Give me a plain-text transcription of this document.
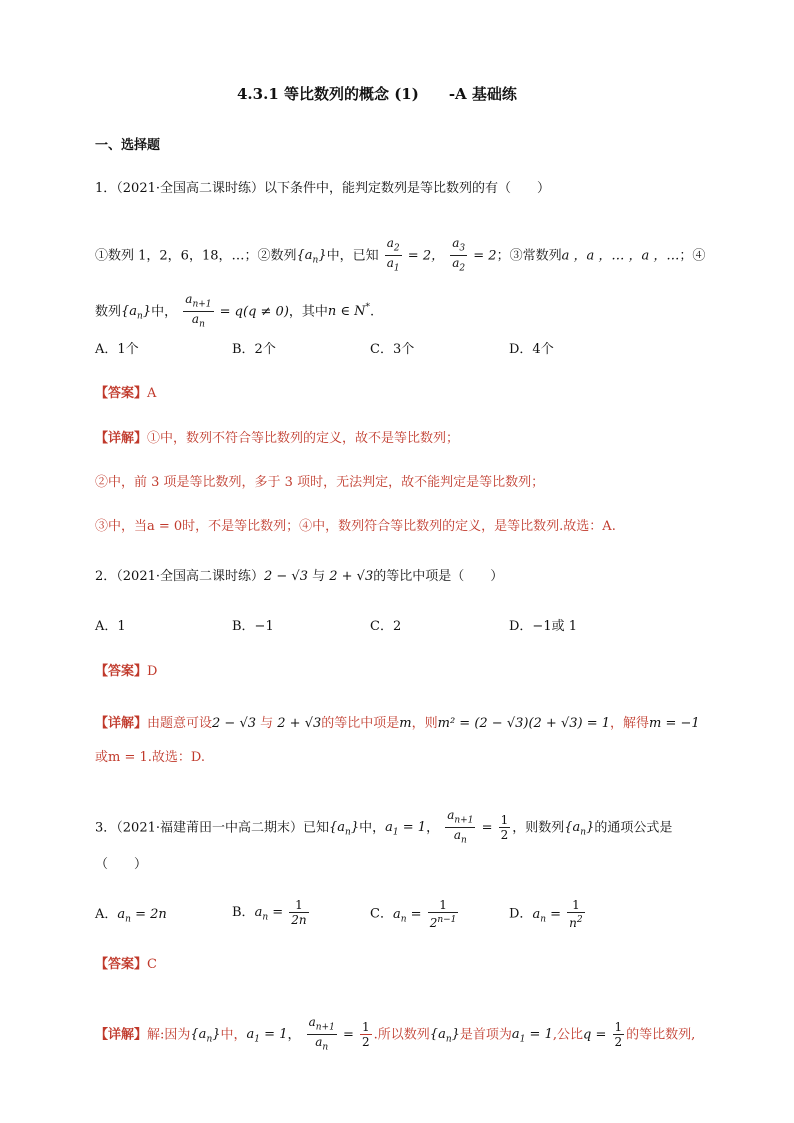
4.3.1 等比数列的概念 (1)　　-A 基础练
一、选择题
1．（2021·全国高二课时练）以下条件中，能判定数列是等比数列的有（　　）
①数列 1，2，6，18，…；②数列$\{a_n\}$中，已知 $\frac{a_2}{a_1} = 2$， $\frac{a_3}{a_2} = 2$；③常数列a ，a ，… ，a ，…；④
数列$\{a_n\}$中， $\frac{a_{n+1}}{a_n} = q(q \ne 0)$，其中n ∈ N*.
A．1个	B．2个	C．3个	D．4个
【答案】A
【详解】①中，数列不符合等比数列的定义，故不是等比数列；
②中，前 3 项是等比数列，多于 3 项时，无法判定，故不能判定是等比数列；
③中，当a = 0时，不是等比数列；④中，数列符合等比数列的定义，是等比数列.故选：A.
2．（2021·全国高二课时练）2 − √3 与 2 + √3的等比中项是（　　）
A．1	B．−1	C．2	D．−1或 1
【答案】D
【详解】由题意可设2 − √3 与 2 + √3的等比中项是m，则m² = (2 − √3)(2 + √3) = 1，解得m = −1
或m = 1.故选：D.
3．（2021·福建莆田一中高二期末）已知$\{a_n\}$中，$a_1 = 1$， $\frac{a_{n+1}}{a_n} = \frac{1}{2}$ ，则数列$\{a_n\}$的通项公式是
（　　）
A．$a_n = 2n$	B．$a_n = \frac{1}{2n}$	C．$a_n = \frac{1}{2^{n-1}}$	D．$a_n = \frac{1}{n^2}$
【答案】C
【详解】解:因为$\{a_n\}$中，$a_1 = 1$， $\frac{a_{n+1}}{a_n} = \frac{1}{2}$ .所以数列$\{a_n\}$是首项为$a_1 = 1$,公比$q = \frac{1}{2}$ 的等比数列,
